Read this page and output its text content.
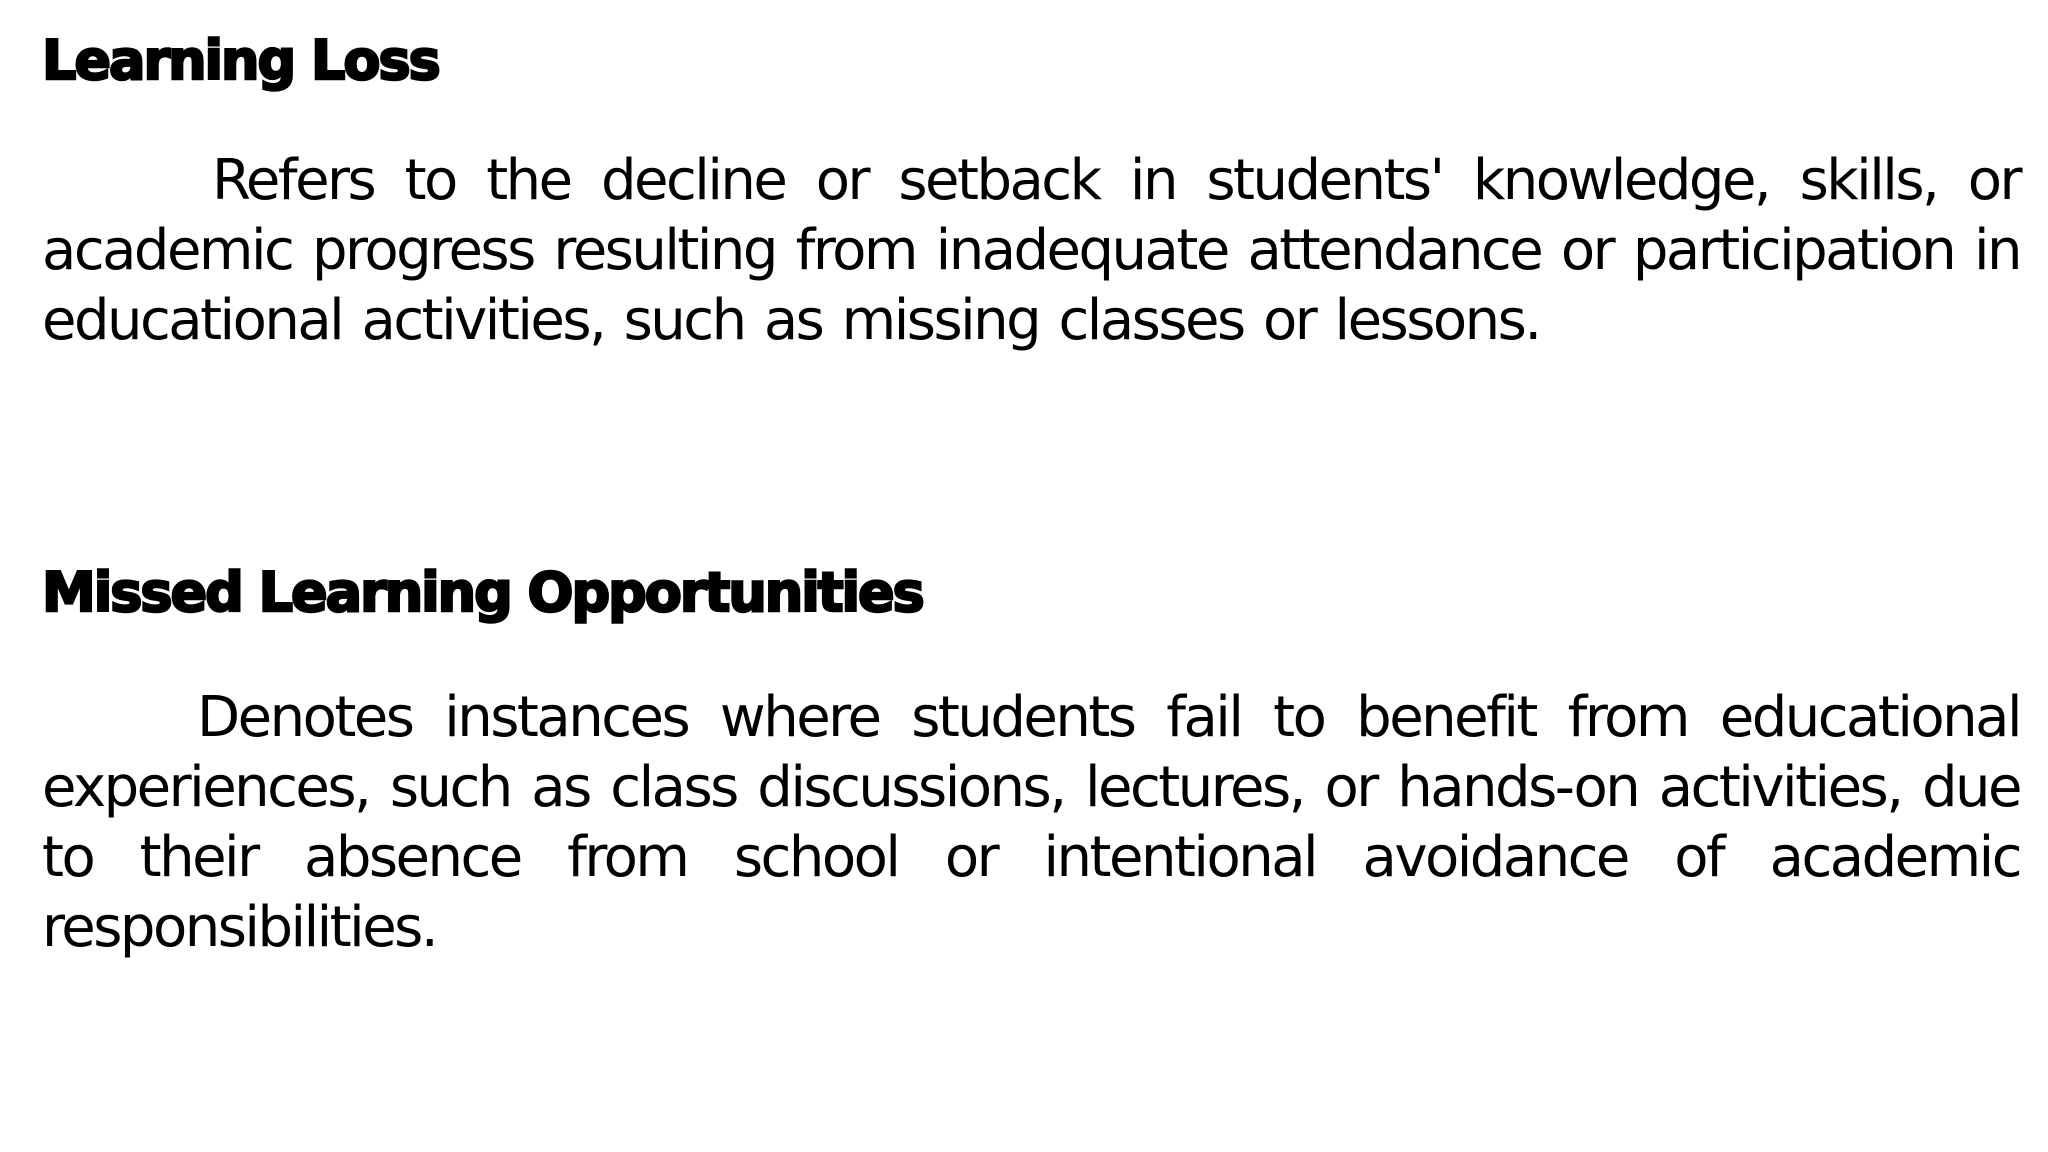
Learning Loss

Refers to the decline or setback in students' knowledge, skills, or academic progress resulting from inadequate attendance or participation in educational activities, such as missing classes or lessons.

Missed Learning Opportunities

Denotes instances where students fail to benefit from educational experiences, such as class discussions, lectures, or hands-on activities, due to their absence from school or intentional avoidance of academic responsibilities.
